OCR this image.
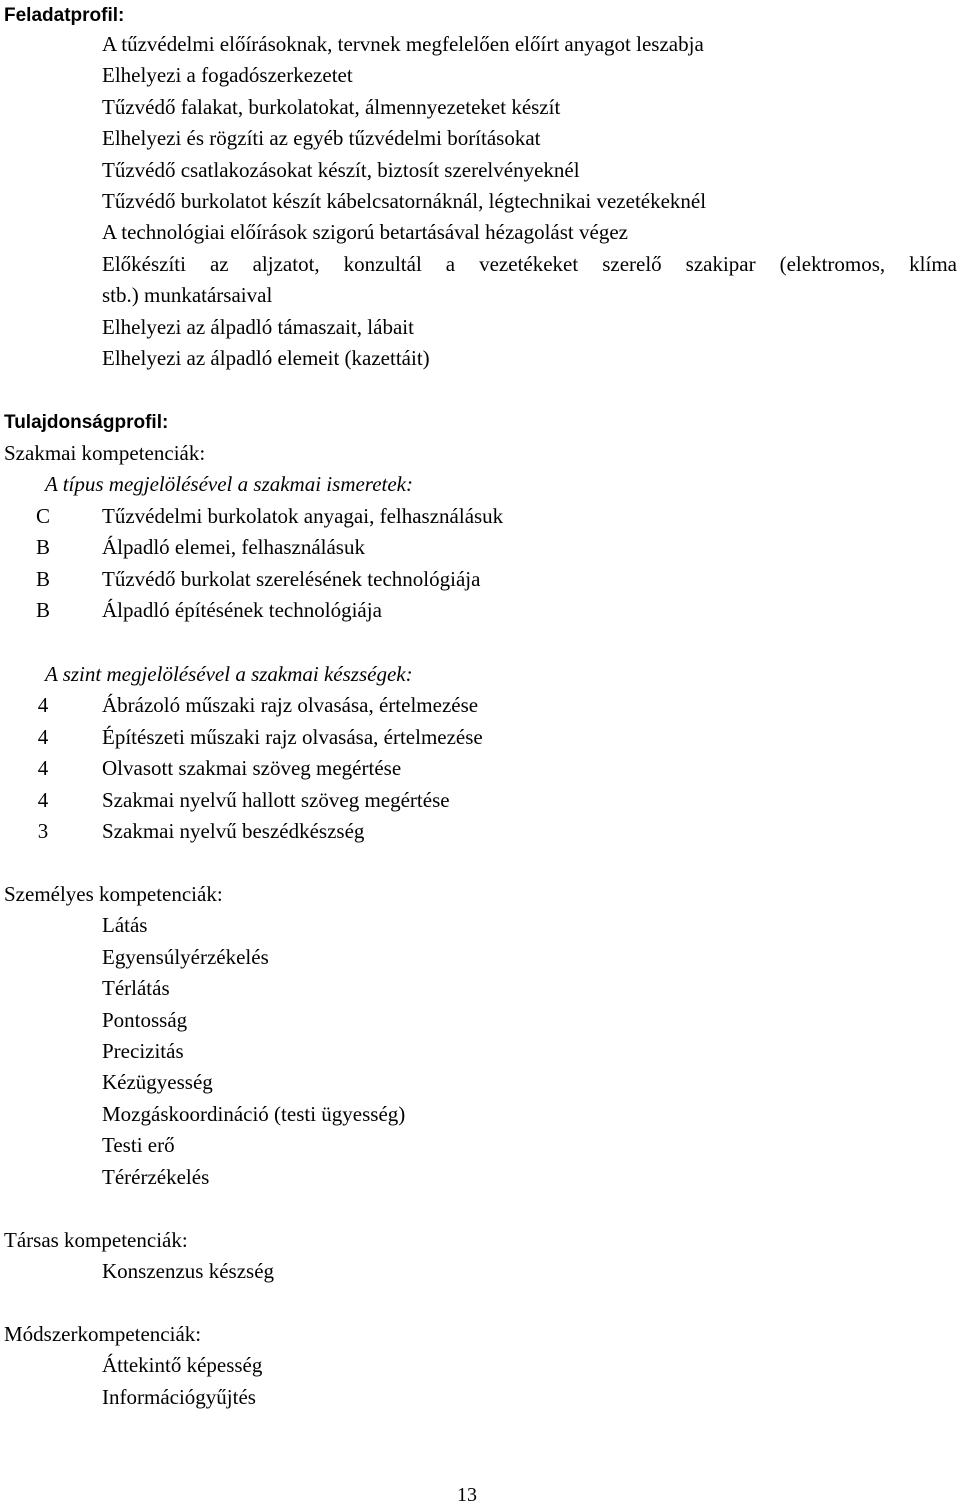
Feladatprofil:
A tűzvédelmi előírásoknak, tervnek megfelelően előírt anyagot leszabja
Elhelyezi a fogadószerkezetet
Tűzvédő falakat, burkolatokat, álmennyezeteket készít
Elhelyezi és rögzíti az egyéb tűzvédelmi borításokat
Tűzvédő csatlakozásokat készít, biztosít szerelvényeknél
Tűzvédő burkolatot készít kábelcsatornáknál, légtechnikai vezetékeknél
A technológiai előírások szigorú betartásával hézagolást végez
Előkészíti az aljzatot, konzultál a vezetékeket szerelő szakipar (elektromos, klíma
stb.) munkatársaival
Elhelyezi az álpadló támaszait, lábait
Elhelyezi az álpadló elemeit (kazettáit)
Tulajdonságprofil:
Szakmai kompetenciák:
A típus megjelölésével a szakmai ismeretek:
C	Tűzvédelmi burkolatok anyagai, felhasználásuk
B	Álpadló elemei, felhasználásuk
B	Tűzvédő burkolat szerelésének technológiája
B	Álpadló építésének technológiája
A szint megjelölésével a szakmai készségek:
4	Ábrázoló műszaki rajz olvasása, értelmezése
4	Építészeti műszaki rajz olvasása, értelmezése
4	Olvasott szakmai szöveg megértése
4	Szakmai nyelvű hallott szöveg megértése
3	Szakmai nyelvű beszédkészség
Személyes kompetenciák:
Látás
Egyensúlyérzékelés
Térlátás
Pontosság
Precizitás
Kézügyesség
Mozgáskoordináció (testi ügyesség)
Testi erő
Térérzékelés
Társas kompetenciák:
Konszenzus készség
Módszerkompetenciák:
Áttekintő képesség
Információgyűjtés
13
